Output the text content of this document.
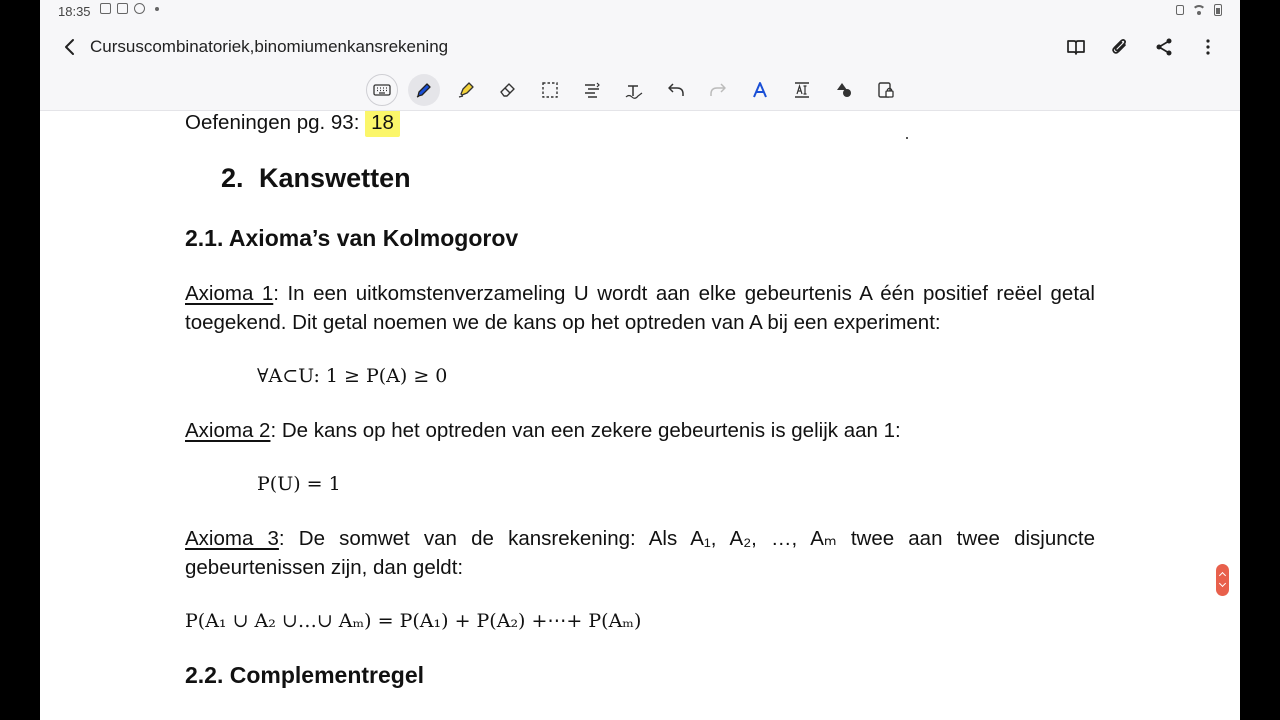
18:35
Cursuscombinatoriek,binomiumenkansrekening

Oefeningen pg. 93: 18

2. Kanswetten
2.1. Axioma’s van Kolmogorov

Axioma 1: In een uitkomstenverzameling U wordt aan elke gebeurtenis A één positief reëel getal toegekend. Dit getal noemen we de kans op het optreden van A bij een experiment:

∀A⊂U: 1 ≥ P(A) ≥ 0

Axioma 2: De kans op het optreden van een zekere gebeurtenis is gelijk aan 1:

P(U) = 1

Axioma 3: De somwet van de kansrekening: Als A₁, A₂, …, Aₘ twee aan twee disjuncte gebeurtenissen zijn, dan geldt:

P(A₁ ∪ A₂ ∪…∪ Aₘ) = P(A₁) + P(A₂) +⋯+ P(Aₘ)
2.2. Complementregel
